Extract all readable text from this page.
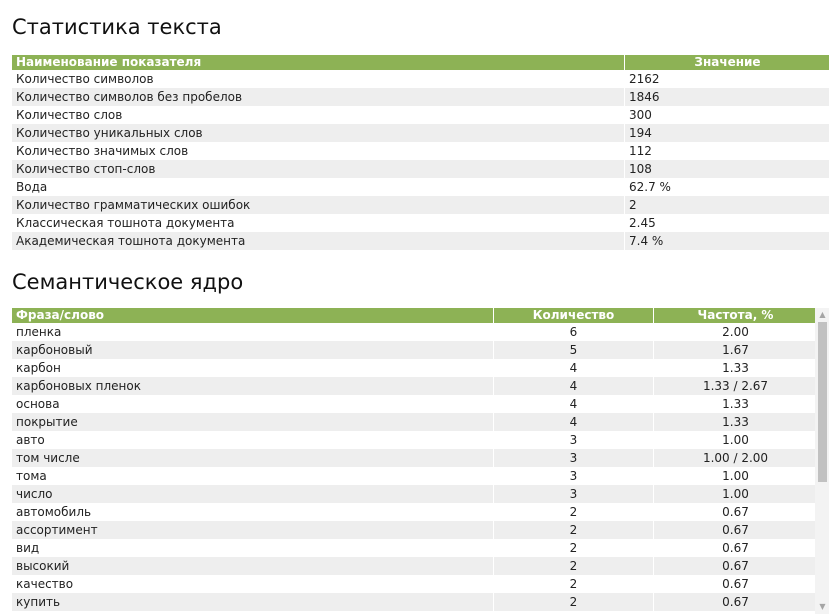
Статистика текста
Наименование показателя	Значение
Количество символов	2162
Количество символов без пробелов	1846
Количество слов	300
Количество уникальных слов	194
Количество значимых слов	112
Количество стоп-слов	108
Вода	62.7 %
Количество грамматических ошибок	2
Классическая тошнота документа	2.45
Академическая тошнота документа	7.4 %
Семантическое ядро
Фраза/слово	Количество	Частота, %
пленка	6	2.00
карбоновый	5	1.67
карбон	4	1.33
карбоновых пленок	4	1.33 / 2.67
основа	4	1.33
покрытие	4	1.33
авто	3	1.00
том числе	3	1.00 / 2.00
тома	3	1.00
число	3	1.00
автомобиль	2	0.67
ассортимент	2	0.67
вид	2	0.67
высокий	2	0.67
качество	2	0.67
купить	2	0.67
▲
▼
